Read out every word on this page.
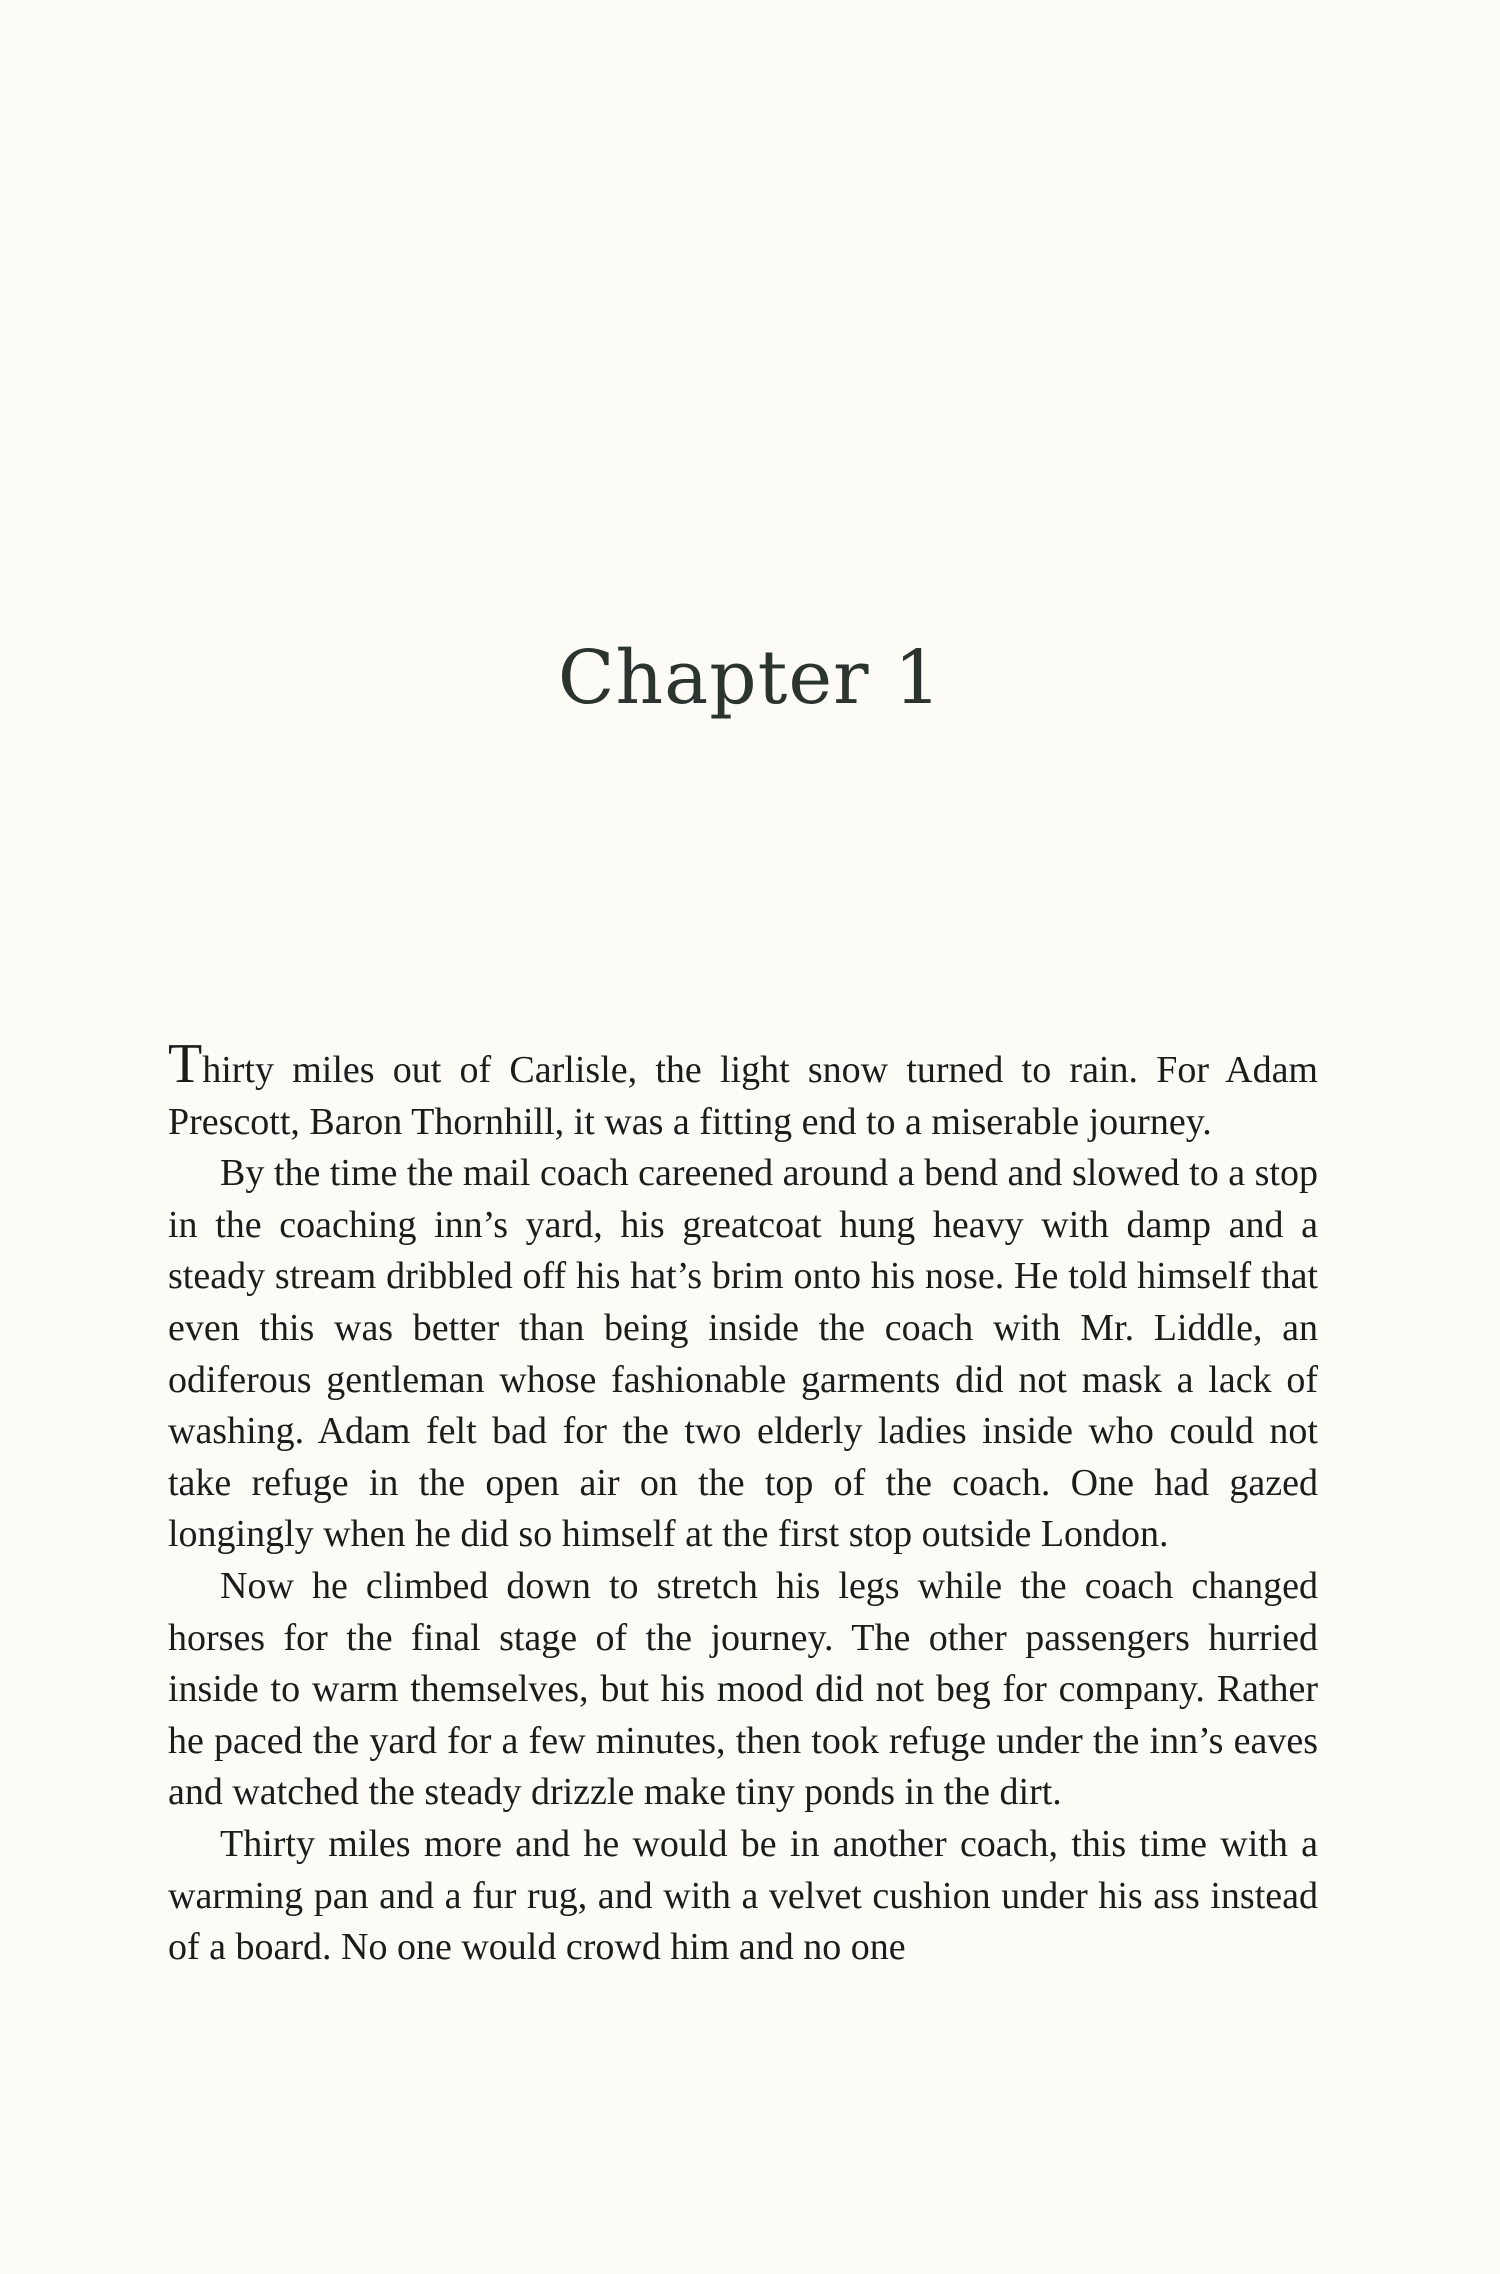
Chapter 1

Thirty miles out of Carlisle, the light snow turned to rain. For Adam Prescott, Baron Thornhill, it was a fitting end to a miserable journey.

By the time the mail coach careened around a bend and slowed to a stop in the coaching inn’s yard, his greatcoat hung heavy with damp and a steady stream dribbled off his hat’s brim onto his nose. He told himself that even this was better than being inside the coach with Mr. Liddle, an odiferous gentleman whose fashionable garments did not mask a lack of washing. Adam felt bad for the two elderly ladies inside who could not take refuge in the open air on the top of the coach. One had gazed longingly when he did so himself at the first stop outside London.

Now he climbed down to stretch his legs while the coach changed horses for the final stage of the journey. The other passengers hurried inside to warm themselves, but his mood did not beg for company. Rather he paced the yard for a few minutes, then took refuge under the inn’s eaves and watched the steady drizzle make tiny ponds in the dirt.

Thirty miles more and he would be in another coach, this time with a warming pan and a fur rug, and with a velvet cushion under his ass instead of a board. No one would crowd him and no one
